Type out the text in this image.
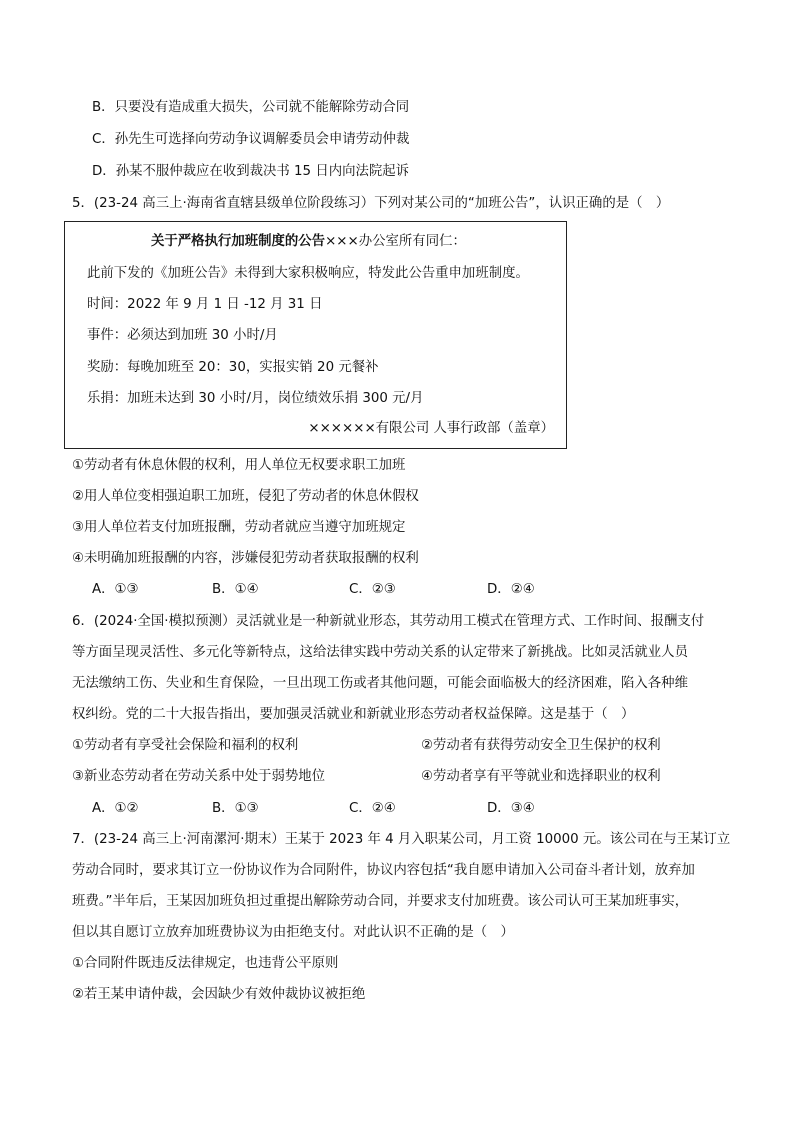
B．只要没有造成重大损失，公司就不能解除劳动合同
C．孙先生可选择向劳动争议调解委员会申请劳动仲裁
D．孙某不服仲裁应在收到裁决书 15 日内向法院起诉
5．(23-24 高三上·海南省直辖县级单位阶段练习）下列对某公司的“加班公告”，认识正确的是（　）
关于严格执行加班制度的公告×××办公室所有同仁：
此前下发的《加班公告》未得到大家积极响应，特发此公告重申加班制度。
时间：2022 年 9 月 1 日 -12 月 31 日
事件：必须达到加班 30 小时/月
奖励：每晚加班至 20：30，实报实销 20 元餐补
乐捐：加班未达到 30 小时/月，岗位绩效乐捐 300 元/月
××××××有限公司 人事行政部（盖章）
①劳动者有休息休假的权利，用人单位无权要求职工加班
②用人单位变相强迫职工加班，侵犯了劳动者的休息休假权
③用人单位若支付加班报酬，劳动者就应当遵守加班规定
④未明确加班报酬的内容，涉嫌侵犯劳动者获取报酬的权利
A．①③	B．①④	C．②③	D．②④
6．(2024·全国·模拟预测）灵活就业是一种新就业形态，其劳动用工模式在管理方式、工作时间、报酬支付
等方面呈现灵活性、多元化等新特点，这给法律实践中劳动关系的认定带来了新挑战。比如灵活就业人员
无法缴纳工伤、失业和生育保险，一旦出现工伤或者其他问题，可能会面临极大的经济困难，陷入各种维
权纠纷。党的二十大报告指出，要加强灵活就业和新就业形态劳动者权益保障。这是基于（　）
①劳动者有享受社会保险和福利的权利	②劳动者有获得劳动安全卫生保护的权利
③新业态劳动者在劳动关系中处于弱势地位	④劳动者享有平等就业和选择职业的权利
A．①②	B．①③	C．②④	D．③④
7．(23-24 高三上·河南漯河·期末）王某于 2023 年 4 月入职某公司，月工资 10000 元。该公司在与王某订立
劳动合同时，要求其订立一份协议作为合同附件，协议内容包括“我自愿申请加入公司奋斗者计划，放弃加
班费。”半年后，王某因加班负担过重提出解除劳动合同，并要求支付加班费。该公司认可王某加班事实，
但以其自愿订立放弃加班费协议为由拒绝支付。对此认识不正确的是（　）
①合同附件既违反法律规定，也违背公平原则
②若王某申请仲裁，会因缺少有效仲裁协议被拒绝
